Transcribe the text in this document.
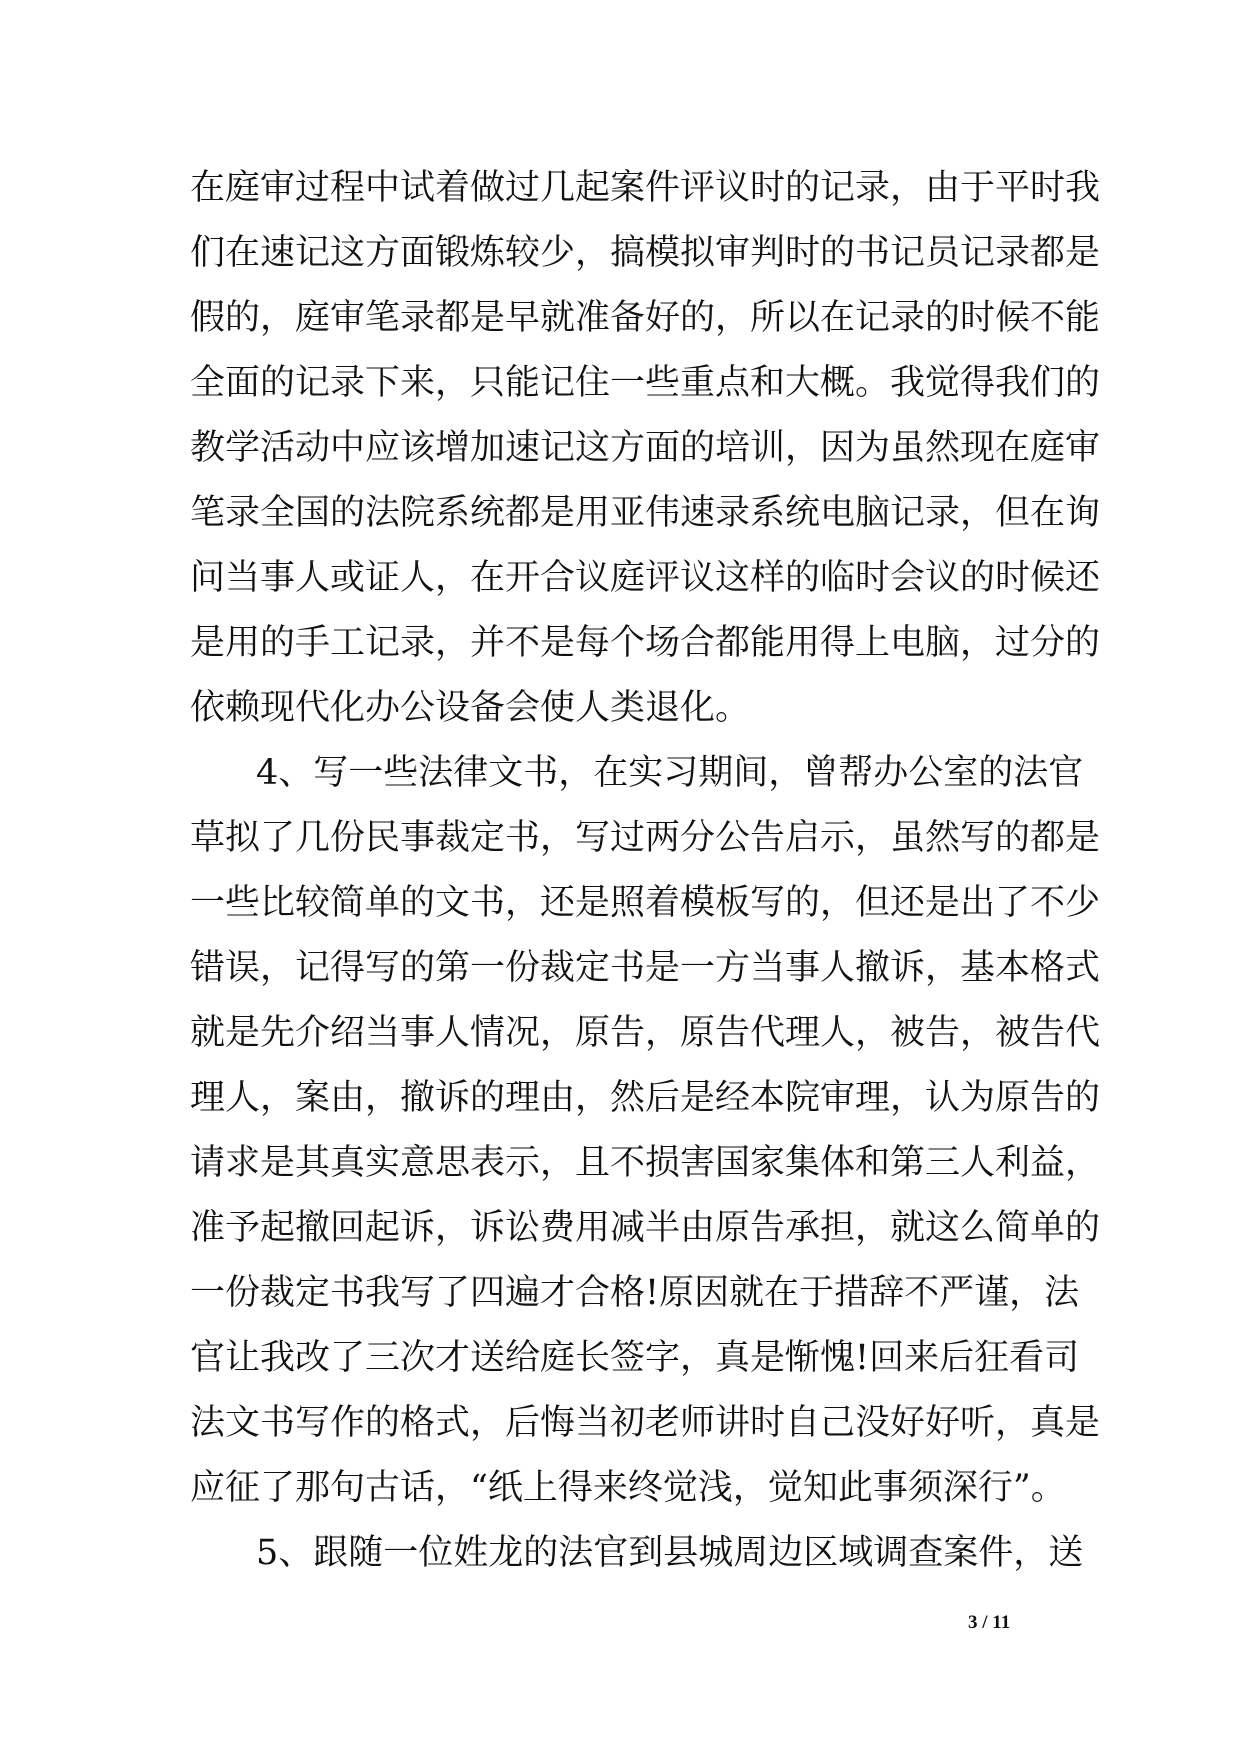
在庭审过程中试着做过几起案件评议时的记录，由于平时我
们在速记这方面锻炼较少，搞模拟审判时的书记员记录都是
假的，庭审笔录都是早就准备好的，所以在记录的时候不能
全面的记录下来，只能记住一些重点和大概。我觉得我们的
教学活动中应该增加速记这方面的培训，因为虽然现在庭审
笔录全国的法院系统都是用亚伟速录系统电脑记录，但在询
问当事人或证人，在开合议庭评议这样的临时会议的时候还
是用的手工记录，并不是每个场合都能用得上电脑，过分的
依赖现代化办公设备会使人类退化。
4、写一些法律文书，在实习期间，曾帮办公室的法官
草拟了几份民事裁定书，写过两分公告启示，虽然写的都是
一些比较简单的文书，还是照着模板写的，但还是出了不少
错误，记得写的第一份裁定书是一方当事人撤诉，基本格式
就是先介绍当事人情况，原告，原告代理人，被告，被告代
理人，案由，撤诉的理由，然后是经本院审理，认为原告的
请求是其真实意思表示，且不损害国家集体和第三人利益，
准予起撤回起诉，诉讼费用减半由原告承担，就这么简单的
一份裁定书我写了四遍才合格!原因就在于措辞不严谨，法
官让我改了三次才送给庭长签字，真是惭愧!回来后狂看司
法文书写作的格式，后悔当初老师讲时自己没好好听，真是
应征了那句古话，“纸上得来终觉浅，觉知此事须深行”。
5、跟随一位姓龙的法官到县城周边区域调查案件，送
3 / 11
